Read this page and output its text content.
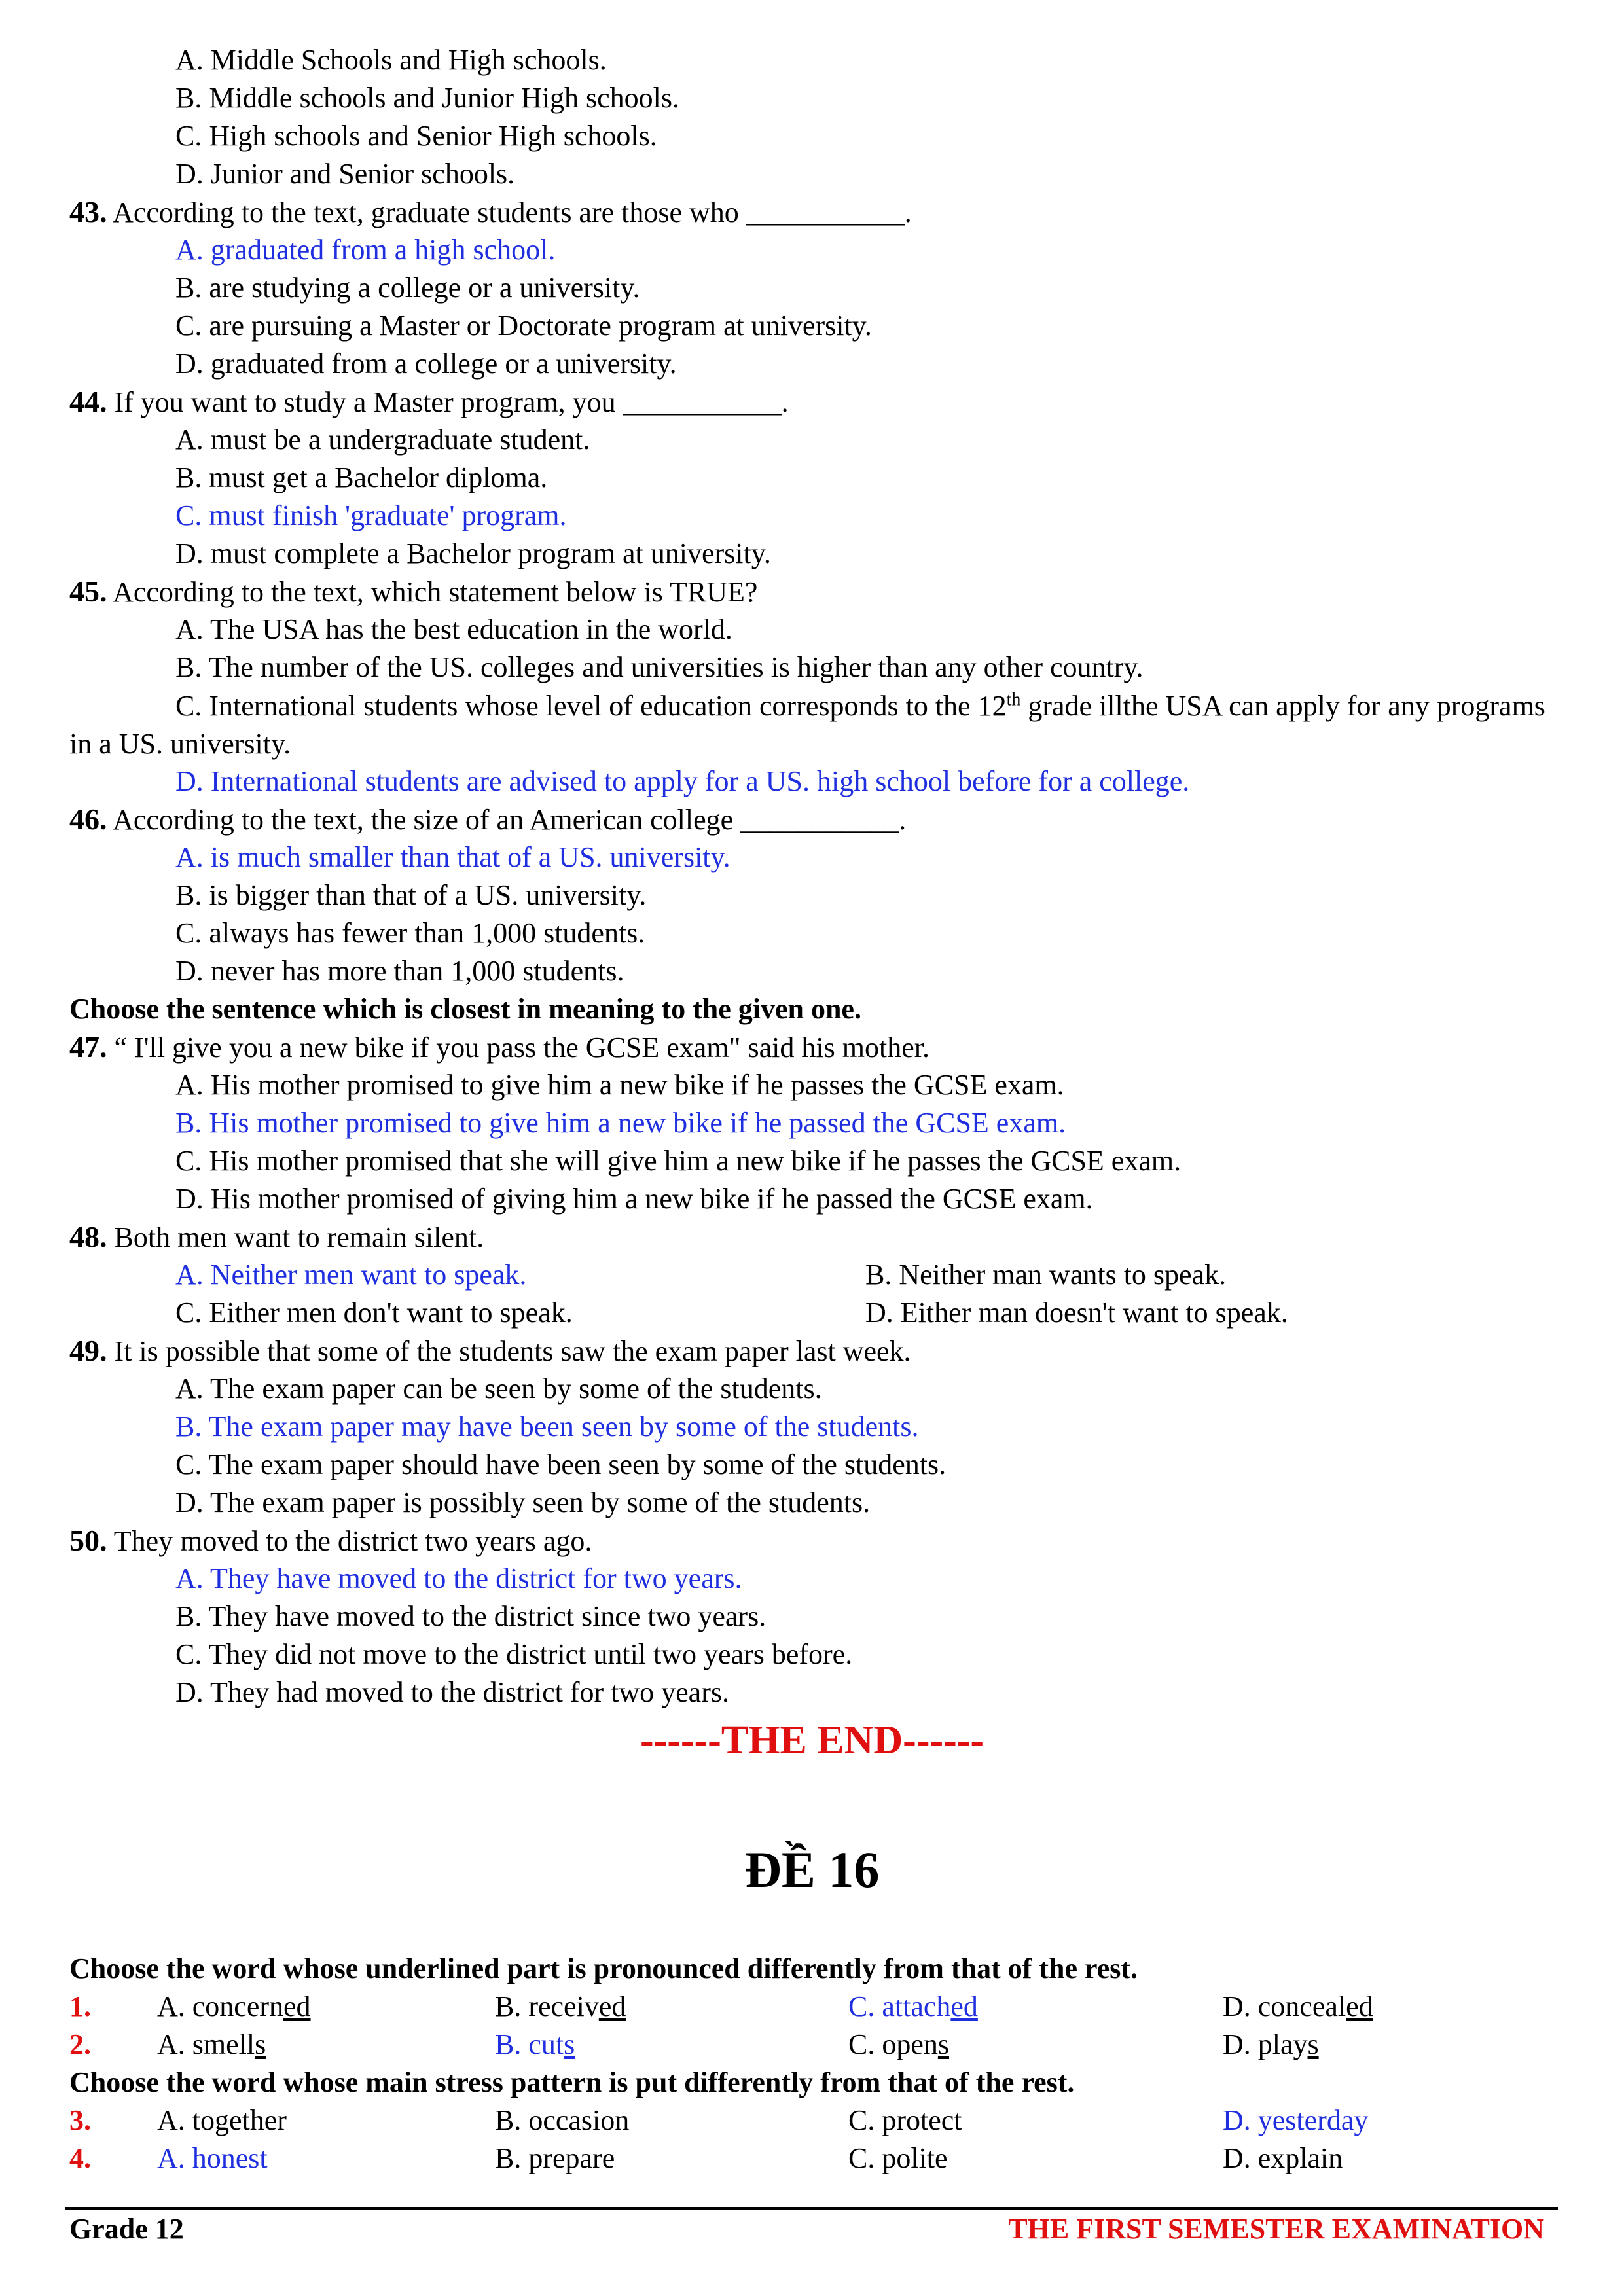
A. Middle Schools and High schools.
B. Middle schools and Junior High schools.
C. High schools and Senior High schools.
D. Junior and Senior schools.
43. According to the text, graduate students are those who ___________.
A. graduated from a high school.
B. are studying a college or a university.
C. are pursuing a Master or Doctorate program at university.
D. graduated from a college or a university.
44. If you want to study a Master program, you ___________.
A. must be a undergraduate student.
B. must get a Bachelor diploma.
C. must finish 'graduate' program.
D. must complete a Bachelor program at university.
45. According to the text, which statement below is TRUE?
A. The USA has the best education in the world.
B. The number of the US. colleges and universities is higher than any other country.
C. International students whose level of education corresponds to the 12th grade illthe USA can apply for any programs in a US. university.
D. International students are advised to apply for a US. high school before for a college.
46. According to the text, the size of an American college ___________.
A. is much smaller than that of a US. university.
B. is bigger than that of a US. university.
C. always has fewer than 1,000 students.
D. never has more than 1,000 students.
Choose the sentence which is closest in meaning to the given one.
47. “ I'll give you a new bike if you pass the GCSE exam" said his mother.
A. His mother promised to give him a new bike if he passes the GCSE exam.
B. His mother promised to give him a new bike if he passed the GCSE exam.
C. His mother promised that she will give him a new bike if he passes the GCSE exam.
D. His mother promised of giving him a new bike if he passed the GCSE exam.
48. Both men want to remain silent.
A. Neither men want to speak.	B. Neither man wants to speak.
C. Either men don't want to speak.	D. Either man doesn't want to speak.
49. It is possible that some of the students saw the exam paper last week.
A. The exam paper can be seen by some of the students.
B. The exam paper may have been seen by some of the students.
C. The exam paper should have been seen by some of the students.
D. The exam paper is possibly seen by some of the students.
50. They moved to the district two years ago.
A. They have moved to the district for two years.
B. They have moved to the district since two years.
C. They did not move to the district until two years before.
D. They had moved to the district for two years.
------THE END------
ĐỀ 16
Choose the word whose underlined part is pronounced differently from that of the rest.
1. A. concerned	B. received	C. attached	D. concealed
2. A. smells	B. cuts	C. opens	D. plays
Choose the word whose main stress pattern is put differently from that of the rest.
3. A. together	B. occasion	C. protect	D. yesterday
4. A. honest	B. prepare	C. polite	D. explain
Grade 12	THE FIRST SEMESTER EXAMINATION
